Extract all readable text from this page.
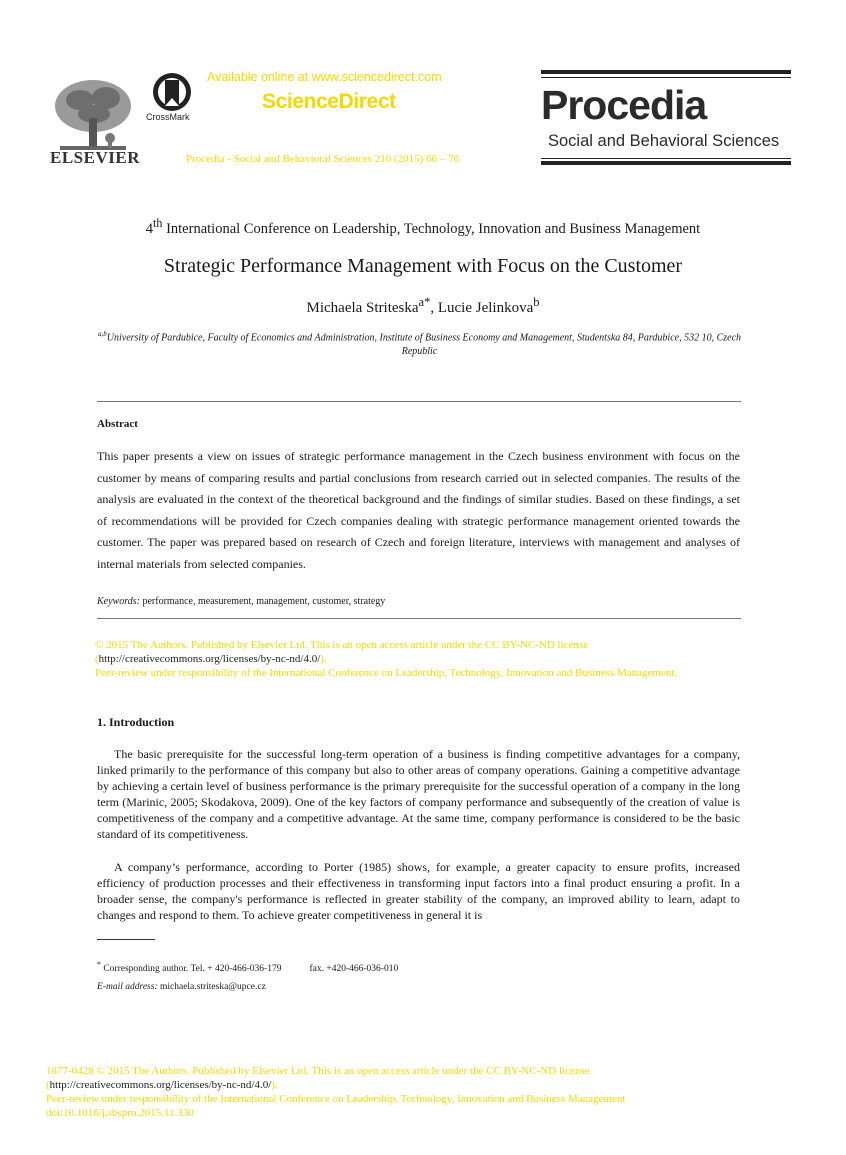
ELSEVIER
CrossMark
Available online at www.sciencedirect.com
ScienceDirect
Procedia - Social and Behavioral Sciences 210 (2015) 66 – 76
Procedia
Social and Behavioral Sciences
4th International Conference on Leadership, Technology, Innovation and Business Management
Strategic Performance Management with Focus on the Customer
Michaela Striteska$^{a*}$, Lucie Jelinkova$^b$
$^{a,b}$University of Pardubice, Faculty of Economics and Administration, Institute of Business Economy and Management, Studentska 84, Pardubice, 532 10, Czech Republic
Abstract
This paper presents a view on issues of strategic performance management in the Czech business environment with focus on the customer by means of comparing results and partial conclusions from research carried out in selected companies. The results of the analysis are evaluated in the context of the theoretical background and the findings of similar studies. Based on these findings, a set of recommendations will be provided for Czech companies dealing with strategic performance management oriented towards the customer. The paper was prepared based on research of Czech and foreign literature, interviews with management and analyses of internal materials from selected companies.
Keywords: performance, measurement, management, customer, strategy
© 2015 The Authors. Published by Elsevier Ltd. This is an open access article under the CC BY-NC-ND license
(http://creativecommons.org/licenses/by-nc-nd/4.0/).
Peer-review under responsibility of the International Conference on Leadership, Technology, Innovation and Business Management.
1. Introduction
The basic prerequisite for the successful long-term operation of a business is finding competitive advantages for a company, linked primarily to the performance of this company but also to other areas of company operations. Gaining a competitive advantage by achieving a certain level of business performance is the primary prerequisite for the successful operation of a company in the long term (Marinic, 2005; Skodakova, 2009). One of the key factors of company performance and subsequently of the creation of value is competitiveness of the company and a competitive advantage. At the same time, company performance is considered to be the basic standard of its competitiveness.
A company’s performance, according to Porter (1985) shows, for example, a greater capacity to ensure profits, increased efficiency of production processes and their effectiveness in transforming input factors into a final product ensuring a profit. In a broader sense, the company's performance is reflected in greater stability of the company, an improved ability to learn, adapt to changes and respond to them. To achieve greater competitiveness in general it is
* Corresponding author. Tel. + 420-466-036-179	fax. +420-466-036-010
E-mail address: michaela.striteska@upce.cz
1877-0428 © 2015 The Authors. Published by Elsevier Ltd. This is an open access article under the CC BY-NC-ND license
(http://creativecommons.org/licenses/by-nc-nd/4.0/).
Peer-review under responsibility of the International Conference on Leadership, Technology, Innovation and Business Management
doi:10.1016/j.sbspro.2015.11.330
